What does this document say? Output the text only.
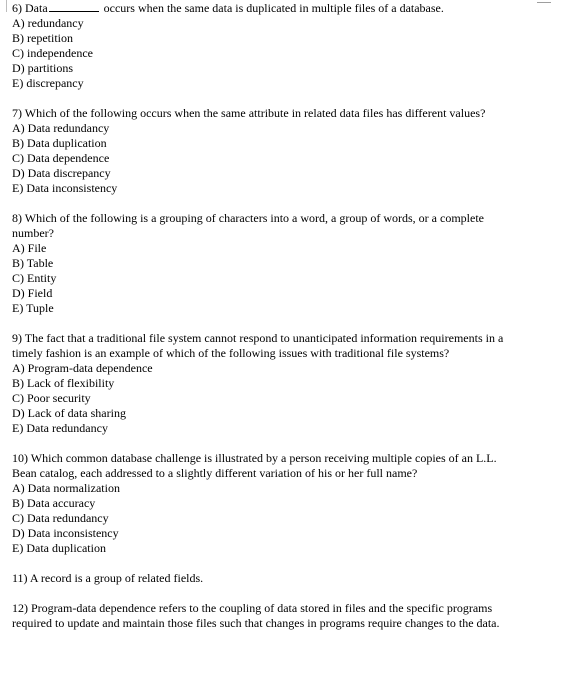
6) Data	occurs when the same data is duplicated in multiple files of a database.

A) redundancy
B) repetition
C) independence
D) partitions
E) discrepancy

7) Which of the following occurs when the same attribute in related data files has different values?

A) Data redundancy
B) Data duplication
C) Data dependence
D) Data discrepancy
E) Data inconsistency

8) Which of the following is a grouping of characters into a word, a group of words, or a complete number?

A) File
B) Table
C) Entity
D) Field
E) Tuple

9) The fact that a traditional file system cannot respond to unanticipated information requirements in a timely fashion is an example of which of the following issues with traditional file systems?

A) Program-data dependence
B) Lack of flexibility
C) Poor security
D) Lack of data sharing
E) Data redundancy

10) Which common database challenge is illustrated by a person receiving multiple copies of an L.L. Bean catalog, each addressed to a slightly different variation of his or her full name?

A) Data normalization
B) Data accuracy
C) Data redundancy
D) Data inconsistency
E) Data duplication

11) A record is a group of related fields.

12) Program-data dependence refers to the coupling of data stored in files and the specific programs required to update and maintain those files such that changes in programs require changes to the data.
